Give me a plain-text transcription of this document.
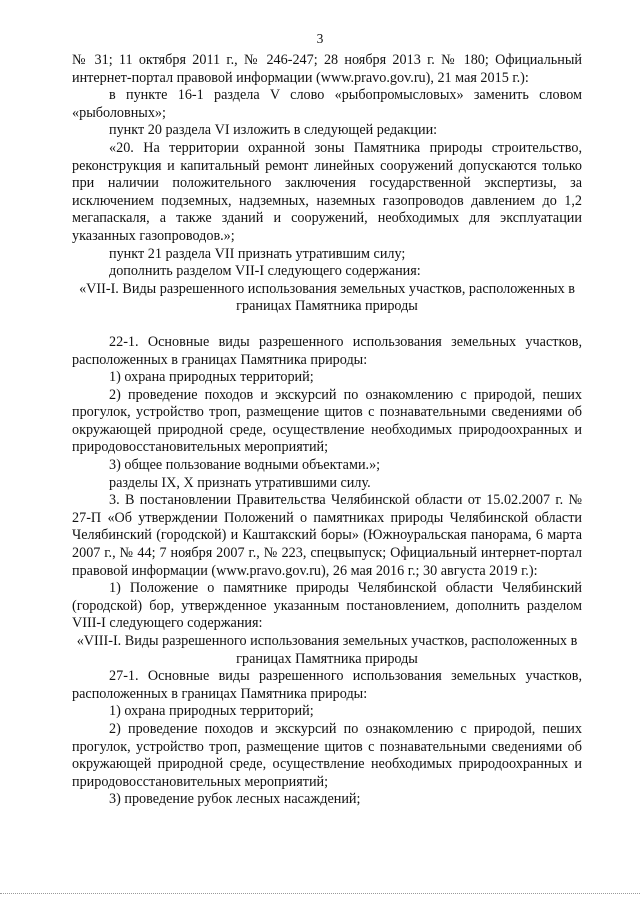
3

№ 31; 11 октября 2011 г., № 246-247; 28 ноября 2013 г. № 180; Официальный интернет-портал правовой информации (www.pravo.gov.ru), 21 мая 2015 г.):

в пункте 16-1 раздела V слово «рыбопромысловых» заменить словом «рыболовных»;

пункт 20 раздела VI изложить в следующей редакции:

«20. На территории охранной зоны Памятника природы строительство, реконструкция и капитальный ремонт линейных сооружений допускаются только при наличии положительного заключения государственной экспертизы, за исключением подземных, надземных, наземных газопроводов давлением до 1,2 мегапаскаля, а также зданий и сооружений, необходимых для эксплуатации указанных газопроводов.»;

пункт 21 раздела VII признать утратившим силу;

дополнить разделом VII-I следующего содержания:

«VII-I. Виды разрешенного использования земельных участков, расположенных в границах Памятника природы

22-1. Основные виды разрешенного использования земельных участков, расположенных в границах Памятника природы:

1) охрана природных территорий;

2) проведение походов и экскурсий по ознакомлению с природой, пеших прогулок, устройство троп, размещение щитов с познавательными сведениями об окружающей природной среде, осуществление необходимых природоохранных и природовосстановительных мероприятий;

3) общее пользование водными объектами.»;

разделы IX, X признать утратившими силу.

3. В постановлении Правительства Челябинской области от 15.02.2007 г. № 27-П «Об утверждении Положений о памятниках природы Челябинской области Челябинский (городской) и Каштакский боры» (Южноуральская панорама, 6 марта 2007 г., № 44; 7 ноября 2007 г., № 223, спецвыпуск; Официальный интернет-портал правовой информации (www.pravo.gov.ru), 26 мая 2016 г.; 30 августа 2019 г.):

1) Положение о памятнике природы Челябинской области Челябинский (городской) бор, утвержденное указанным постановлением, дополнить разделом VIII-I следующего содержания:

«VIII-I. Виды разрешенного использования земельных участков, расположенных в границах Памятника природы

27-1. Основные виды разрешенного использования земельных участков, расположенных в границах Памятника природы:

1) охрана природных территорий;

2) проведение походов и экскурсий по ознакомлению с природой, пеших прогулок, устройство троп, размещение щитов с познавательными сведениями об окружающей природной среде, осуществление необходимых природоохранных и природовосстановительных мероприятий;

3) проведение рубок лесных насаждений;
